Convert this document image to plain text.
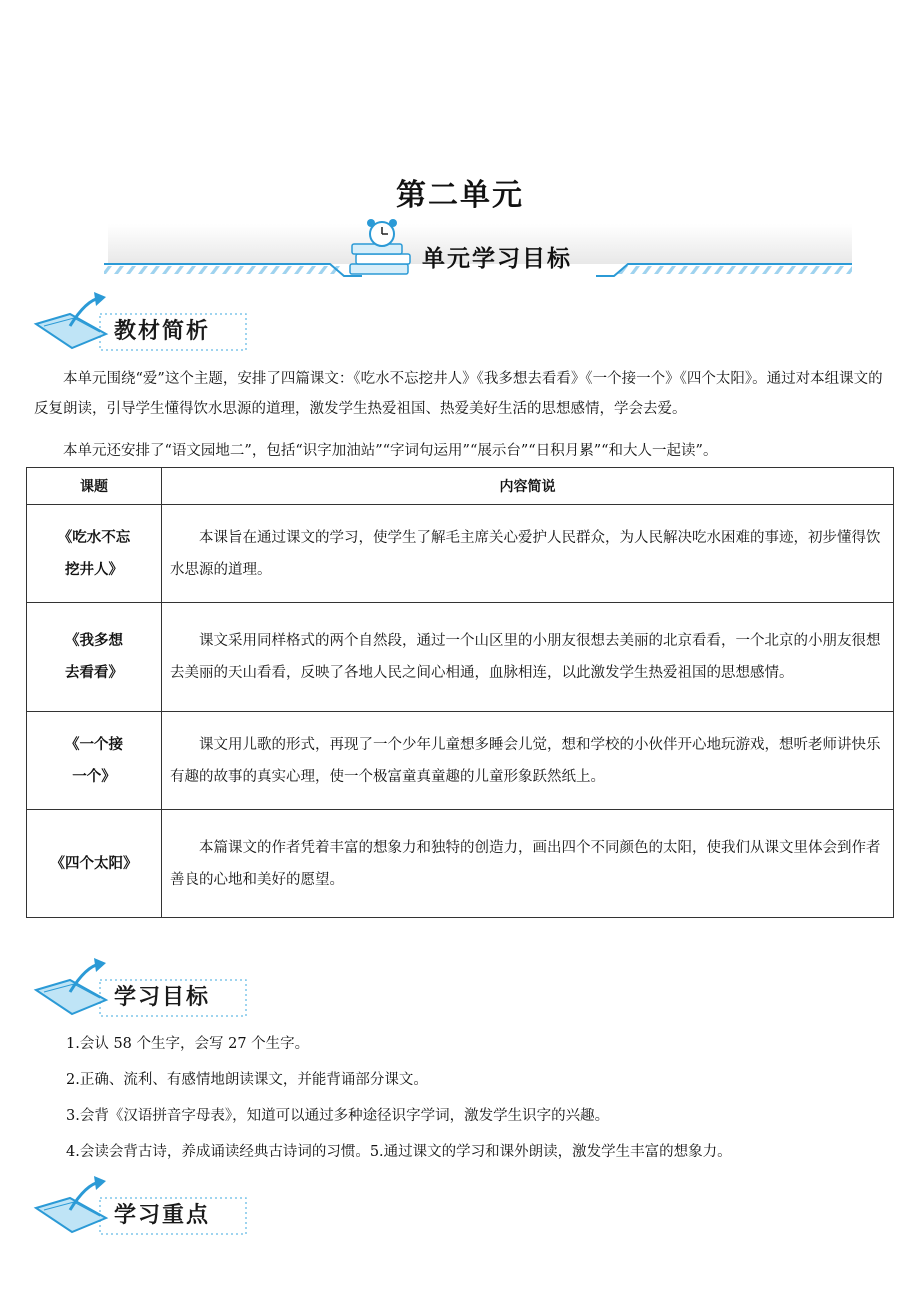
第二单元
单元学习目标
教材简析
本单元围绕“爱”这个主题，安排了四篇课文：《吃水不忘挖井人》《我多想去看看》《一个接一个》《四个太阳》。通过对本组课文的反复朗读，引导学生懂得饮水思源的道理，激发学生热爱祖国、热爱美好生活的思想感情，学会去爱。
本单元还安排了“语文园地二”，包括“识字加油站”“字词句运用”“展示台”“日积月累”“和大人一起读”。
课题	内容简说
《吃水不忘
挖井人》	本课旨在通过课文的学习，使学生了解毛主席关心爱护人民群众，为人民解决吃水困难的事迹，初步懂得饮水思源的道理。
《我多想
去看看》	课文采用同样格式的两个自然段，通过一个山区里的小朋友很想去美丽的北京看看，一个北京的小朋友很想去美丽的天山看看，反映了各地人民之间心相通，血脉相连，以此激发学生热爱祖国的思想感情。
《一个接
一个》	课文用儿歌的形式，再现了一个少年儿童想多睡会儿觉，想和学校的小伙伴开心地玩游戏，想听老师讲快乐有趣的故事的真实心理，使一个极富童真童趣的儿童形象跃然纸上。
《四个太阳》	本篇课文的作者凭着丰富的想象力和独特的创造力，画出四个不同颜色的太阳，使我们从课文里体会到作者善良的心地和美好的愿望。
学习目标
1.会认 58 个生字，会写 27 个生字。
2.正确、流利、有感情地朗读课文，并能背诵部分课文。
3.会背《汉语拼音字母表》，知道可以通过多种途径识字学词，激发学生识字的兴趣。
4.会读会背古诗，养成诵读经典古诗词的习惯。5.通过课文的学习和课外朗读，激发学生丰富的想象力。
学习重点
